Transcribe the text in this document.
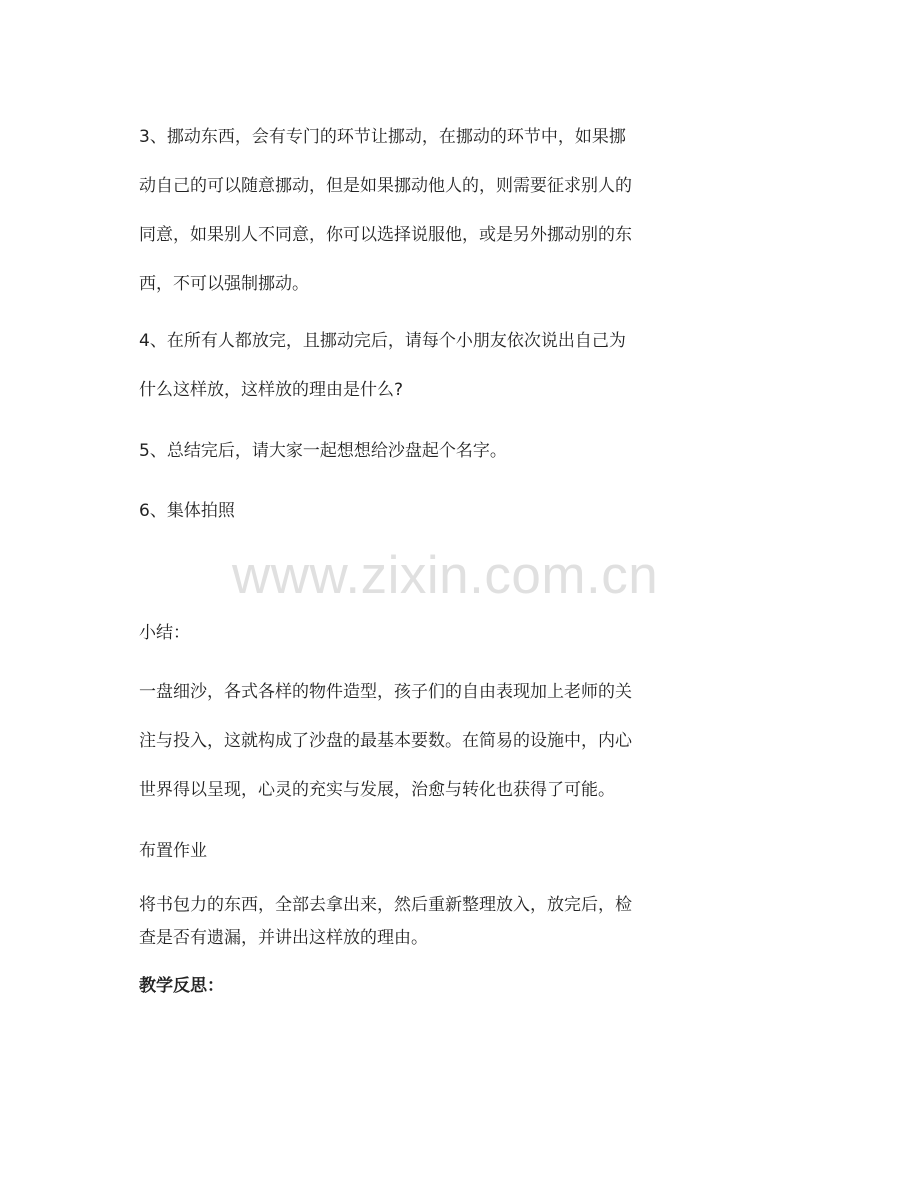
www.zixin.com.cn

3、挪动东西，会有专门的环节让挪动，在挪动的环节中，如果挪
动自己的可以随意挪动，但是如果挪动他人的，则需要征求别人的
同意，如果别人不同意，你可以选择说服他，或是另外挪动别的东
西，不可以强制挪动。

4、在所有人都放完，且挪动完后，请每个小朋友依次说出自己为
什么这样放，这样放的理由是什么?

5、总结完后，请大家一起想想给沙盘起个名字。

6、集体拍照

小结：

一盘细沙，各式各样的物件造型，孩子们的自由表现加上老师的关
注与投入，这就构成了沙盘的最基本要数。在简易的设施中，内心
世界得以呈现，心灵的充实与发展，治愈与转化也获得了可能。

布置作业

将书包力的东西，全部去拿出来，然后重新整理放入，放完后，检
查是否有遗漏，并讲出这样放的理由。

教学反思：
